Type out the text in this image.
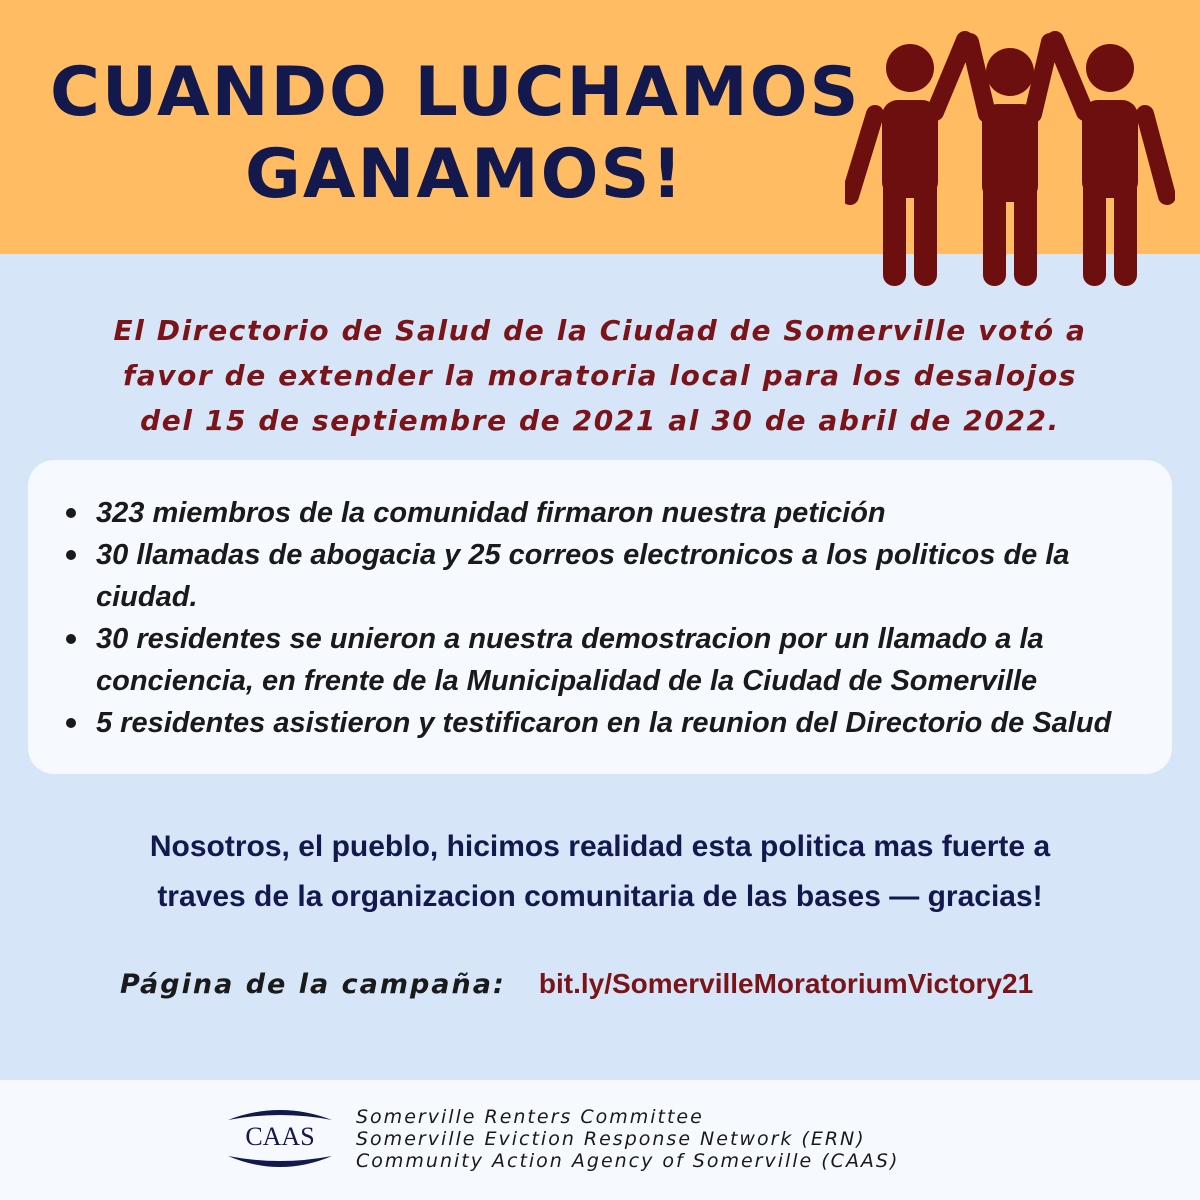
CUANDO LUCHAMOS
GANAMOS!

El Directorio de Salud de la Ciudad de Somerville votó a
favor de extender la moratoria local para los desalojos
del 15 de septiembre de 2021 al 30 de abril de 2022.

323 miembros de la comunidad firmaron nuestra petición
30 llamadas de abogacia y 25 correos electronicos a los politicos de la ciudad.
30 residentes se unieron a nuestra demostracion por un llamado a la conciencia, en frente de la Municipalidad de la Ciudad de Somerville
5 residentes asistieron y testificaron en la reunion del Directorio de Salud

Nosotros, el pueblo, hicimos realidad esta politica mas fuerte a
traves de la organizacion comunitaria de las bases — gracias!

Página de la campaña: bit.ly/SomervilleMoratoriumVictory21
CAAS
Somerville Renters Committee
Somerville Eviction Response Network (ERN)
Community Action Agency of Somerville (CAAS)
